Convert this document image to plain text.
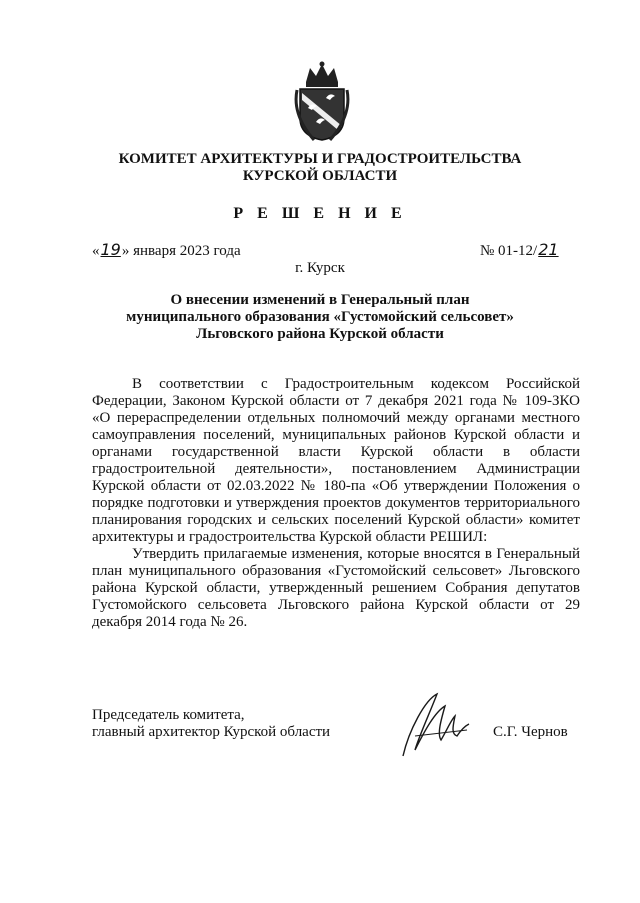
КОМИТЕТ АРХИТЕКТУРЫ И ГРАДОСТРОИТЕЛЬСТВА
КУРСКОЙ ОБЛАСТИ
Р Е Ш Е Н И Е
«19» января 2023 года	№ 01-12/21
г. Курск
О внесении изменений в Генеральный план
муниципального образования «Густомойский сельсовет»
Льговского района Курской области

В соответствии с Градостроительным кодексом Российской Федерации, Законом Курской области от 7 декабря 2021 года № 109-ЗКО «О перераспределении отдельных полномочий между органами местного самоуправления поселений, муниципальных районов Курской области и органами государственной власти Курской области в области градостроительной деятельности», постановлением Администрации Курской области от 02.03.2022 № 180-па «Об утверждении Положения о порядке подготовки и утверждения проектов документов территориального планирования городских и сельских поселений Курской области» комитет архитектуры и градостроительства Курской области РЕШИЛ:

Утвердить прилагаемые изменения, которые вносятся в Генеральный план муниципального образования «Густомойский сельсовет» Льговского района Курской области, утвержденный решением Собрания депутатов Густомойского сельсовета Льговского района Курской области от 29 декабря 2014 года № 26.

Председатель комитета,
главный архитектор Курской области	С.Г. Чернов
